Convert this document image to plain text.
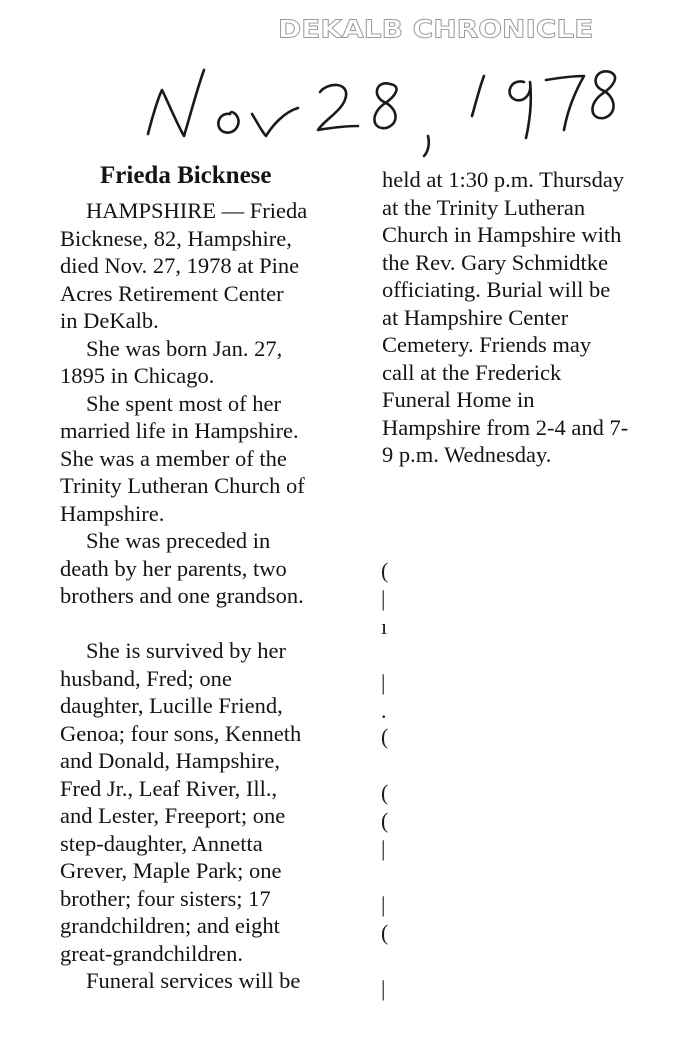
DEKALB CHRONICLE
Frieda Bicknese
HAMPSHIRE — Frieda
Bicknese, 82, Hampshire,
died Nov. 27, 1978 at Pine
Acres Retirement Center
in DeKalb.
She was born Jan. 27,
1895 in Chicago.
She spent most of her
married life in Hampshire.
She was a member of the
Trinity Lutheran Church of
Hampshire.
She was preceded in
death by her parents, two
brothers and one grandson.
She is survived by her
husband, Fred; one
daughter, Lucille Friend,
Genoa; four sons, Kenneth
and Donald, Hampshire,
Fred Jr., Leaf River, Ill.,
and Lester, Freeport; one
step-daughter, Annetta
Grever, Maple Park; one
brother; four sisters; 17
grandchildren; and eight
great-grandchildren.
Funeral services will be
held at 1:30 p.m. Thursday
at the Trinity Lutheran
Church in Hampshire with
the Rev. Gary Schmidtke
officiating. Burial will be
at Hampshire Center
Cemetery. Friends may
call at the Frederick
Funeral Home in
Hampshire from 2-4 and 7-
9 p.m. Wednesday.
(
|
ı
|
.
(
(
(
|
|
(
|
